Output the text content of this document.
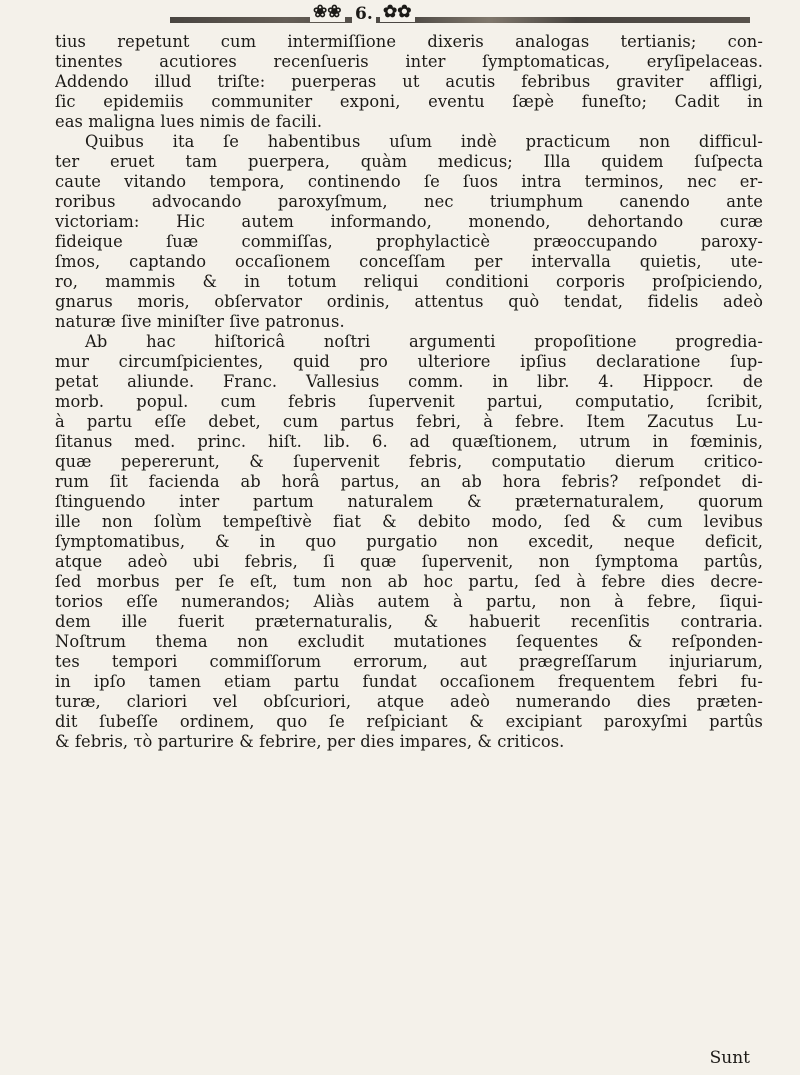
❀❀ 6. ✿✿
tius repetunt cum intermiſſione dixeris analogas tertianis; con-
tinentes acutiores recenſueris inter ſymptomaticas, eryſipelaceas.
Addendo illud triſte: puerperas ut acutis febribus graviter affligi,
ſic epidemiis communiter exponi, eventu ſæpè funeſto; Cadit in
eas maligna lues nimis de facili.
Quibus ita ſe habentibus uſum indè practicum non difficul-
ter eruet tam puerpera, quàm medicus; Illa quidem ſuſpecta
caute vitando tempora, continendo ſe ſuos intra terminos, nec er-
roribus advocando paroxyſmum, nec triumphum canendo ante
victoriam: Hic autem informando, monendo, dehortando curæ
fideique ſuæ commiſſas, prophylacticè præoccupando paroxy-
ſmos, captando occaſionem conceſſam per intervalla quietis, ute-
ro, mammis & in totum reliqui conditioni corporis proſpiciendo,
gnarus moris, obſervator ordinis, attentus quò tendat, fidelis adeò
naturæ ſive miniſter ſive patronus.
Ab hac hiſtoricâ noſtri argumenti propoſitione progredia-
mur circumſpicientes, quid pro ulteriore ipſius declaratione ſup-
petat aliunde. Franc. Vallesius comm. in libr. 4. Hippocr. de
morb. popul. cum febris ſupervenit partui, computatio, ſcribit,
à partu eſſe debet, cum partus febri, à febre. Item Zacutus Lu-
ſitanus med. princ. hiſt. lib. 6. ad quæſtionem, utrum in fœminis,
quæ pepererunt, & ſupervenit febris, computatio dierum critico-
rum ſit facienda ab horâ partus, an ab hora febris? reſpondet di-
ſtinguendo inter partum naturalem & præternaturalem, quorum
ille non ſolùm tempeſtivè fiat & debito modo, ſed & cum levibus
ſymptomatibus, & in quo purgatio non excedit, neque deficit,
atque adeò ubi febris, ſi quæ ſupervenit, non ſymptoma partûs,
ſed morbus per ſe eſt, tum non ab hoc partu, ſed à febre dies decre-
torios eſſe numerandos; Aliàs autem à partu, non à febre, ſiqui-
dem ille fuerit præternaturalis, & habuerit recenſitis contraria.
Noſtrum thema non excludit mutationes ſequentes & reſponden-
tes tempori commiſſorum errorum, aut prægreſſarum injuriarum,
in ipſo tamen etiam partu fundat occaſionem frequentem febri fu-
turæ, clariori vel obſcuriori, atque adeò numerando dies præten-
dit ſubeſſe ordinem, quo ſe reſpiciant & excipiant paroxyſmi partûs
& febris, τὸ parturire & febrire, per dies impares, & criticos.
Sunt
